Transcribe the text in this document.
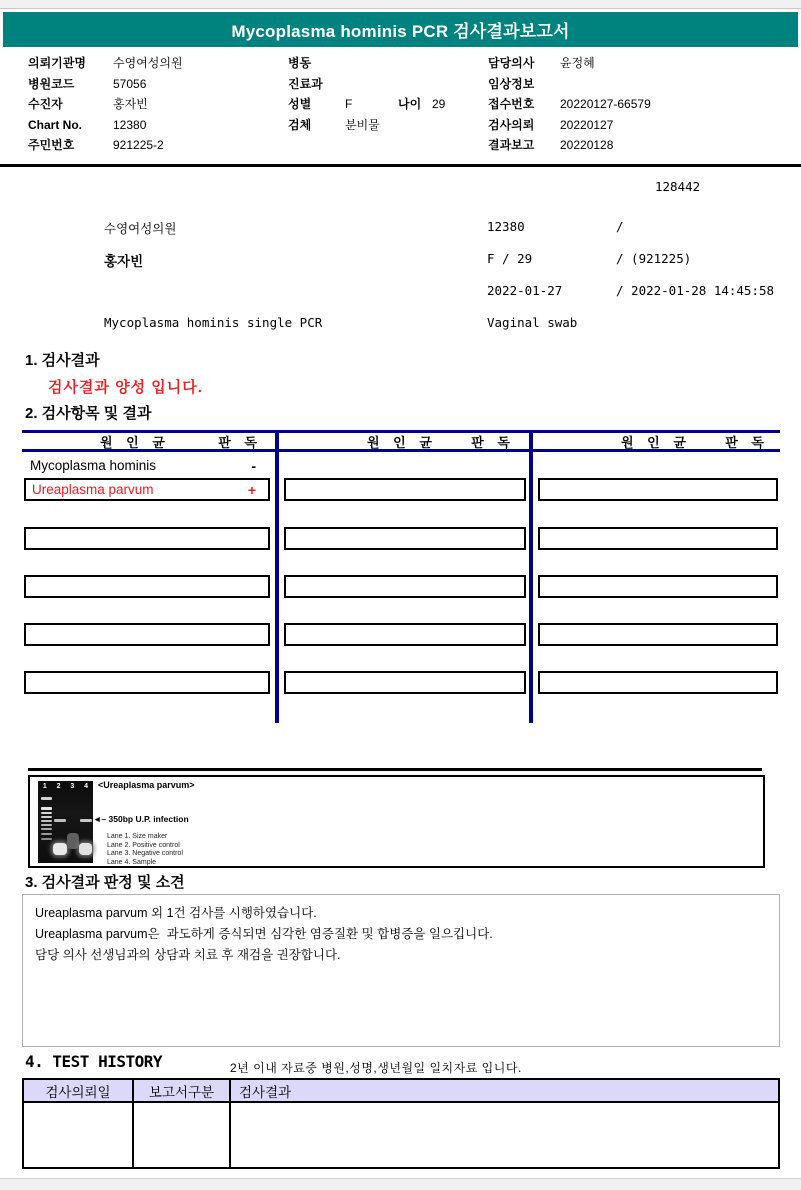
Mycoplasma hominis PCR 검사결과보고서
의뢰기관명	수영여성의원
병원코드	57056
수진자	홍자빈
Chart No.	12380
주민번호	921225-2
병동
진료과
성별	F	나이 29
검체	분비물
담당의사	윤정혜
임상정보
접수번호	20220127-66579
검사의뢰	20220127
결과보고	20220128
128442
수영여성의원	12380	/
홍자빈	F / 29	/ (921225)
2022-01-27	/ 2022-01-28 14:45:58
Mycoplasma hominis single PCR	Vaginal swab
1. 검사결과
검사결과 양성 입니다.
2. 검사항목 및 결과
원 인 균	판 독	원 인 균	판 독	원 인 균	판 독
Mycoplasma hominis	-
Ureaplasma parvum	+
1 2 3 4 <Ureaplasma parvum>
◄– 350bp U.P. infection
Lane 1. Size maker
Lane 2. Positive control
Lane 3. Negative control
Lane 4. Sample
3. 검사결과 판정 및 소견
Ureaplasma parvum 외 1건 검사를 시행하였습니다.
Ureaplasma parvum은  과도하게 증식되면 심각한 염증질환 및 합병증을 일으킵니다.
담당 의사 선생님과의 상담과 치료 후 재검을 권장합니다.
4. TEST HISTORY	2년 이내 자료중 병원,성명,생년월일 일치자료 입니다.
검사의뢰일	보고서구분	검사결과
